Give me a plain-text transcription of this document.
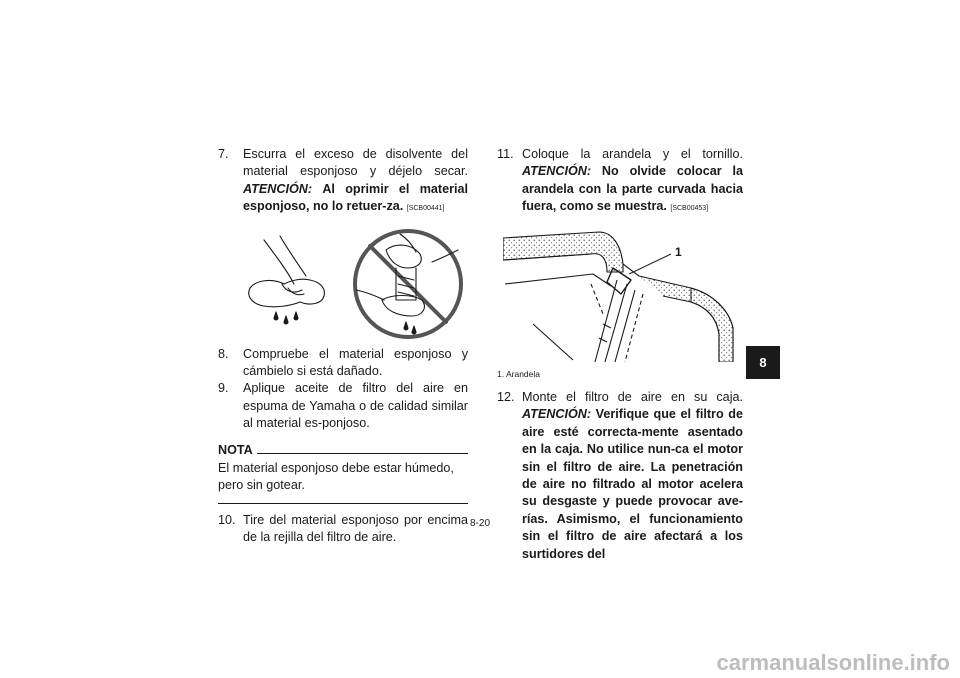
7. Escurra el exceso de disolvente del material esponjoso y déjelo secar. ATENCIÓN: Al oprimir el material esponjoso, no lo retuer-za. [SCB00441]
8. Compruebe el material esponjoso y cámbielo si está dañado.
9. Aplique aceite de filtro del aire en espuma de Yamaha o de calidad similar al material es-ponjoso.
NOTA
El material esponjoso debe estar húmedo, pero sin gotear.
10. Tire del material esponjoso por encima de la rejilla del filtro de aire.
11. Coloque la arandela y el tornillo. ATENCIÓN: No olvide colocar la arandela con la parte curvada hacia fuera, como se muestra. [SCB00453]
1
1. Arandela
12. Monte el filtro de aire en su caja. ATENCIÓN: Verifique que el filtro de aire esté correcta-mente asentado en la caja. No utilice nun-ca el motor sin el filtro de aire. La penetración de aire no filtrado al motor acelera su desgaste y puede provocar ave-rías. Asimismo, el funcionamiento sin el filtro de aire afectará a los surtidores del
8
8-20
carmanualsonline.info
